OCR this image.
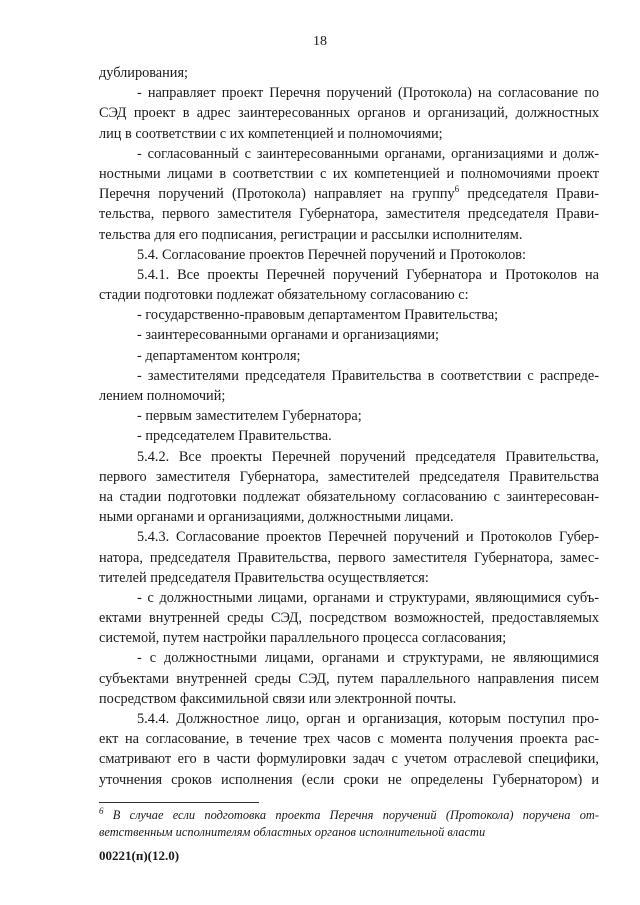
18
дублирования;
- направляет проект Перечня поручений (Протокола) на согласование по
СЭД проект в адрес заинтересованных органов и организаций, должностных
лиц в соответствии с их компетенцией и полномочиями;
- согласованный с заинтересованными органами, организациями и долж-
ностными лицами в соответствии с их компетенцией и полномочиями проект
Перечня поручений (Протокола) направляет на группу$^6$ председателя Прави-
тельства, первого заместителя Губернатора, заместителя председателя Прави-
тельства для его подписания, регистрации и рассылки исполнителям.
5.4. Согласование проектов Перечней поручений и Протоколов:
5.4.1. Все проекты Перечней поручений Губернатора и Протоколов на
стадии подготовки подлежат обязательному согласованию с:
- государственно-правовым департаментом Правительства;
- заинтересованными органами и организациями;
- департаментом контроля;
- заместителями председателя Правительства в соответствии с распреде-
лением полномочий;
- первым заместителем Губернатора;
- председателем Правительства.
5.4.2. Все проекты Перечней поручений председателя Правительства,
первого заместителя Губернатора, заместителей председателя Правительства
на стадии подготовки подлежат обязательному согласованию с заинтересован-
ными органами и организациями, должностными лицами.
5.4.3. Согласование проектов Перечней поручений и Протоколов Губер-
натора, председателя Правительства, первого заместителя Губернатора, замес-
тителей председателя Правительства осуществляется:
- с должностными лицами, органами и структурами, являющимися субъ-
ектами внутренней среды СЭД, посредством возможностей, предоставляемых
системой, путем настройки параллельного процесса согласования;
- с должностными лицами, органами и структурами, не являющимися
субъектами внутренней среды СЭД, путем параллельного направления писем
посредством факсимильной связи или электронной почты.
5.4.4. Должностное лицо, орган и организация, которым поступил про-
ект на согласование, в течение трех часов с момента получения проекта рас-
сматривают его в части формулировки задач с учетом отраслевой специфики,
уточнения сроков исполнения (если сроки не определены Губернатором) и
$^6$ В случае если подготовка проекта Перечня поручений (Протокола) поручена от-
ветственным исполнителям областных органов исполнительной власти
00221(п)(12.0)
